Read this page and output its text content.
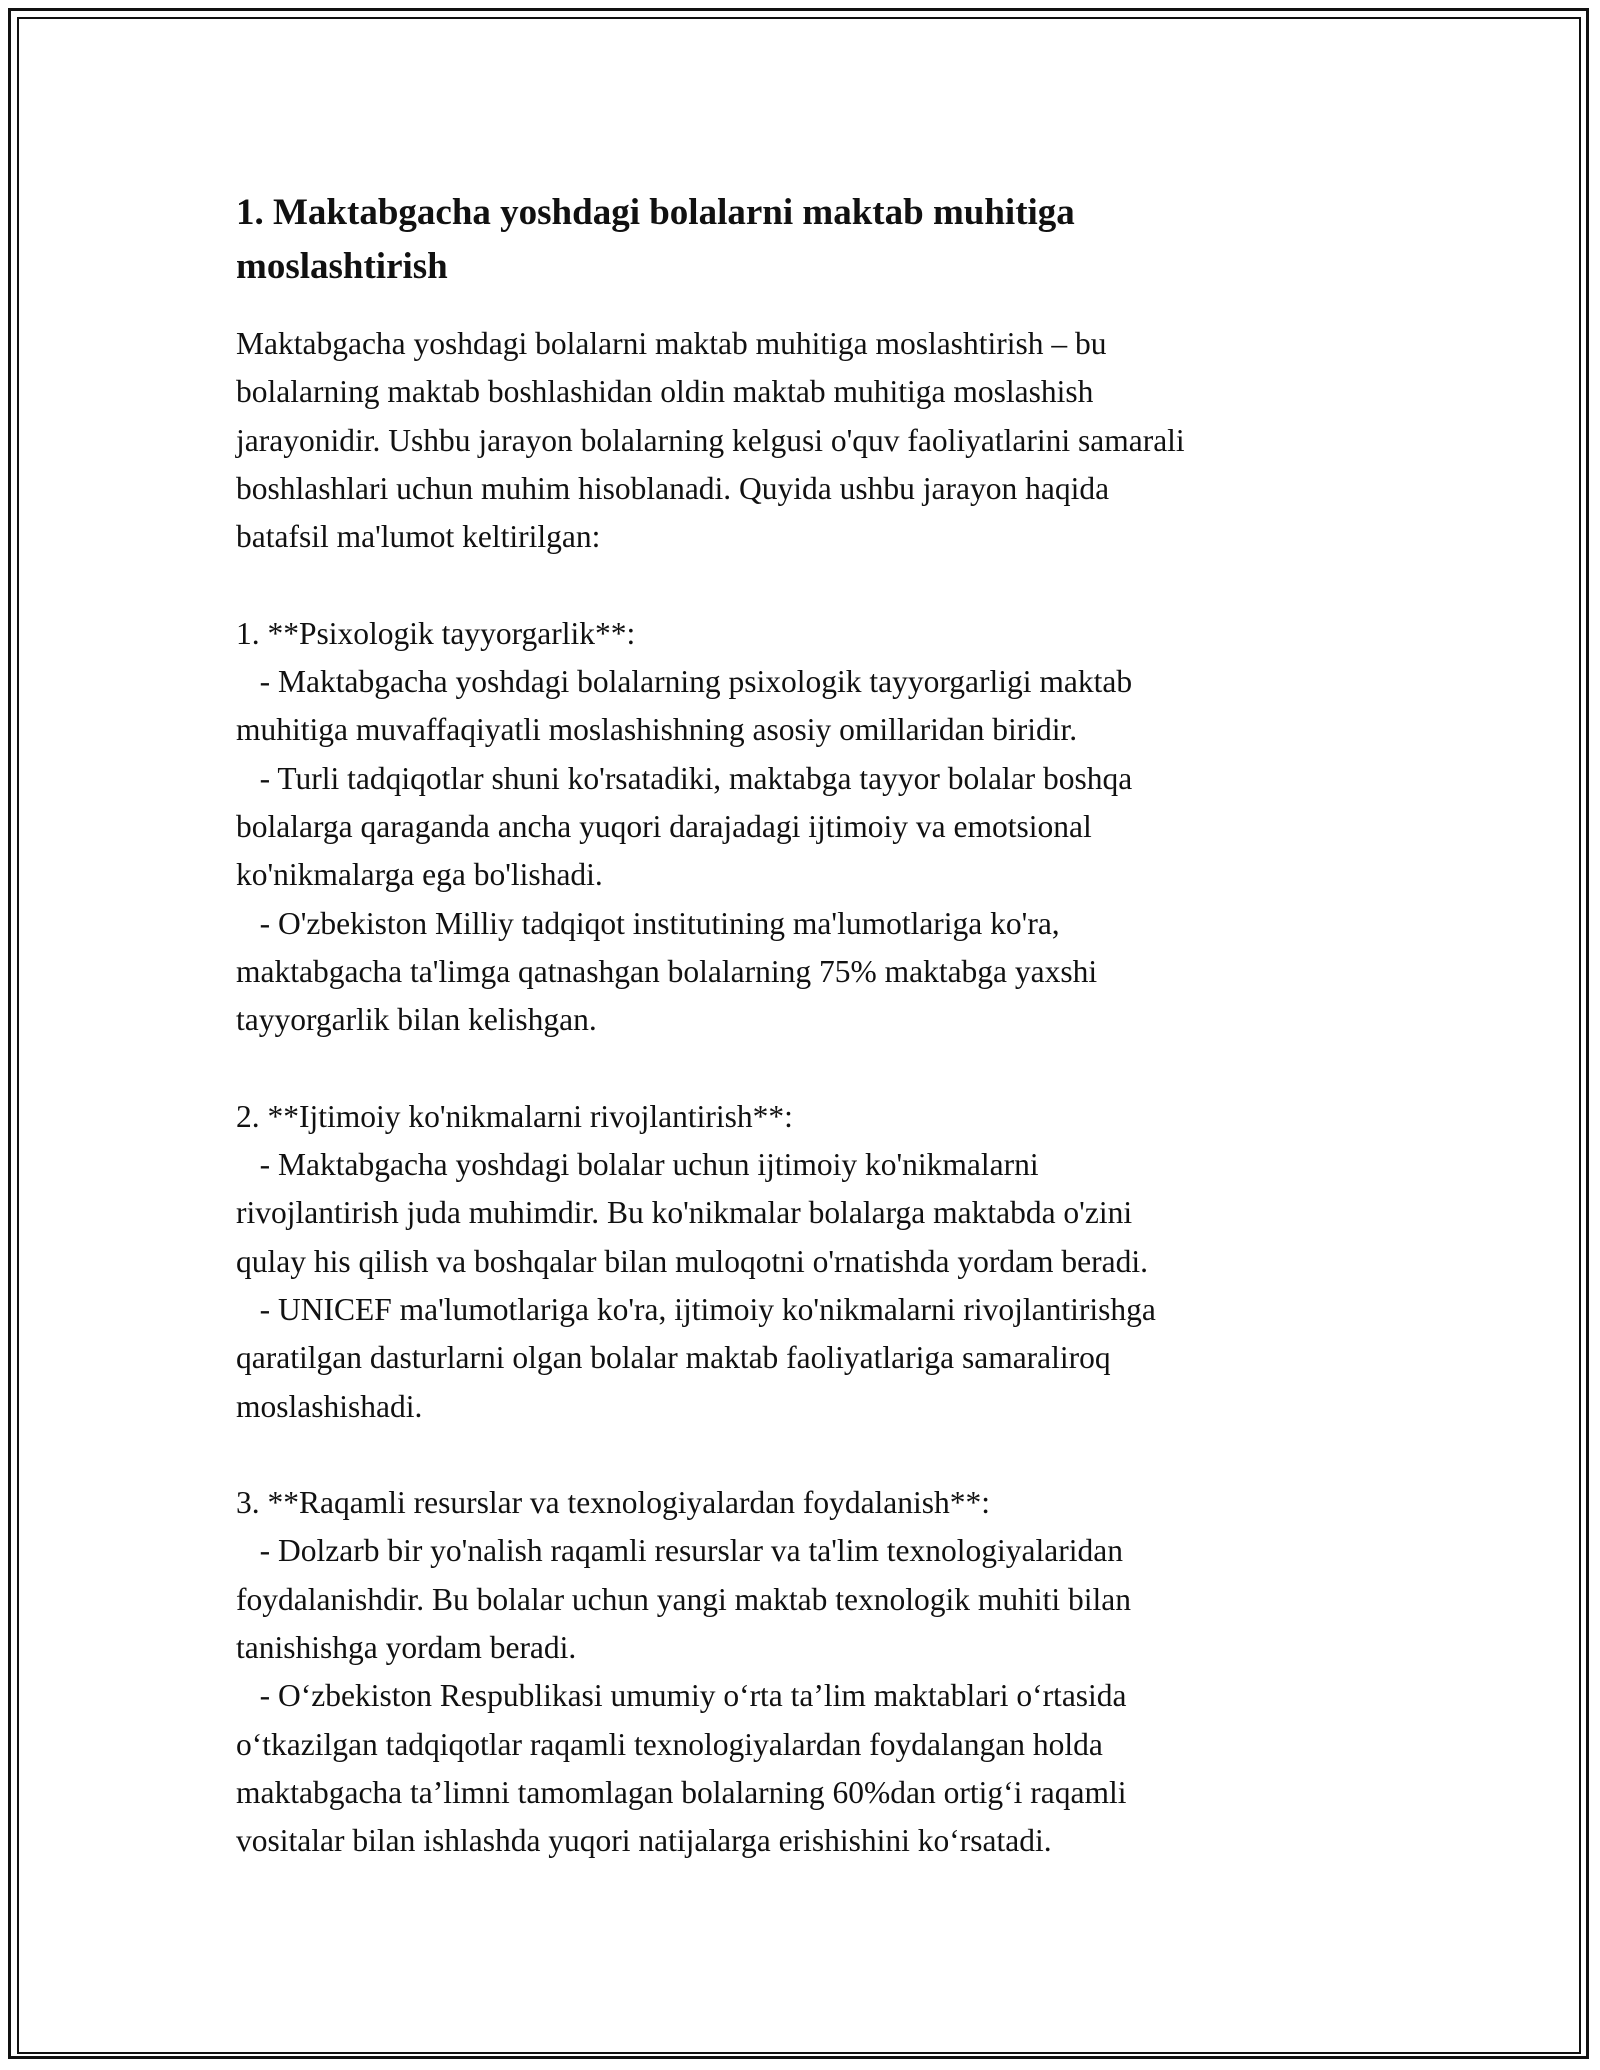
1. Maktabgacha yoshdagi bolalarni maktab muhitiga
moslashtirish
Maktabgacha yoshdagi bolalarni maktab muhitiga moslashtirish – bu
bolalarning maktab boshlashidan oldin maktab muhitiga moslashish
jarayonidir. Ushbu jarayon bolalarning kelgusi o'quv faoliyatlarini samarali
boshlashlari uchun muhim hisoblanadi. Quyida ushbu jarayon haqida
batafsil ma'lumot keltirilgan:
1. **Psixologik tayyorgarlik**:
- Maktabgacha yoshdagi bolalarning psixologik tayyorgarligi maktab
muhitiga muvaffaqiyatli moslashishning asosiy omillaridan biridir.
- Turli tadqiqotlar shuni ko'rsatadiki, maktabga tayyor bolalar boshqa
bolalarga qaraganda ancha yuqori darajadagi ijtimoiy va emotsional
ko'nikmalarga ega bo'lishadi.
- O'zbekiston Milliy tadqiqot institutining ma'lumotlariga ko'ra,
maktabgacha ta'limga qatnashgan bolalarning 75% maktabga yaxshi
tayyorgarlik bilan kelishgan.
2. **Ijtimoiy ko'nikmalarni rivojlantirish**:
- Maktabgacha yoshdagi bolalar uchun ijtimoiy ko'nikmalarni
rivojlantirish juda muhimdir. Bu ko'nikmalar bolalarga maktabda o'zini
qulay his qilish va boshqalar bilan muloqotni o'rnatishda yordam beradi.
- UNICEF ma'lumotlariga ko'ra, ijtimoiy ko'nikmalarni rivojlantirishga
qaratilgan dasturlarni olgan bolalar maktab faoliyatlariga samaraliroq
moslashishadi.
3. **Raqamli resurslar va texnologiyalardan foydalanish**:
- Dolzarb bir yo'nalish raqamli resurslar va ta'lim texnologiyalaridan
foydalanishdir. Bu bolalar uchun yangi maktab texnologik muhiti bilan
tanishishga yordam beradi.
- O‘zbekiston Respublikasi umumiy o‘rta ta’lim maktablari o‘rtasida
o‘tkazilgan tadqiqotlar raqamli texnologiyalardan foydalangan holda
maktabgacha ta’limni tamomlagan bolalarning 60%dan ortig‘i raqamli
vositalar bilan ishlashda yuqori natijalarga erishishini ko‘rsatadi.
